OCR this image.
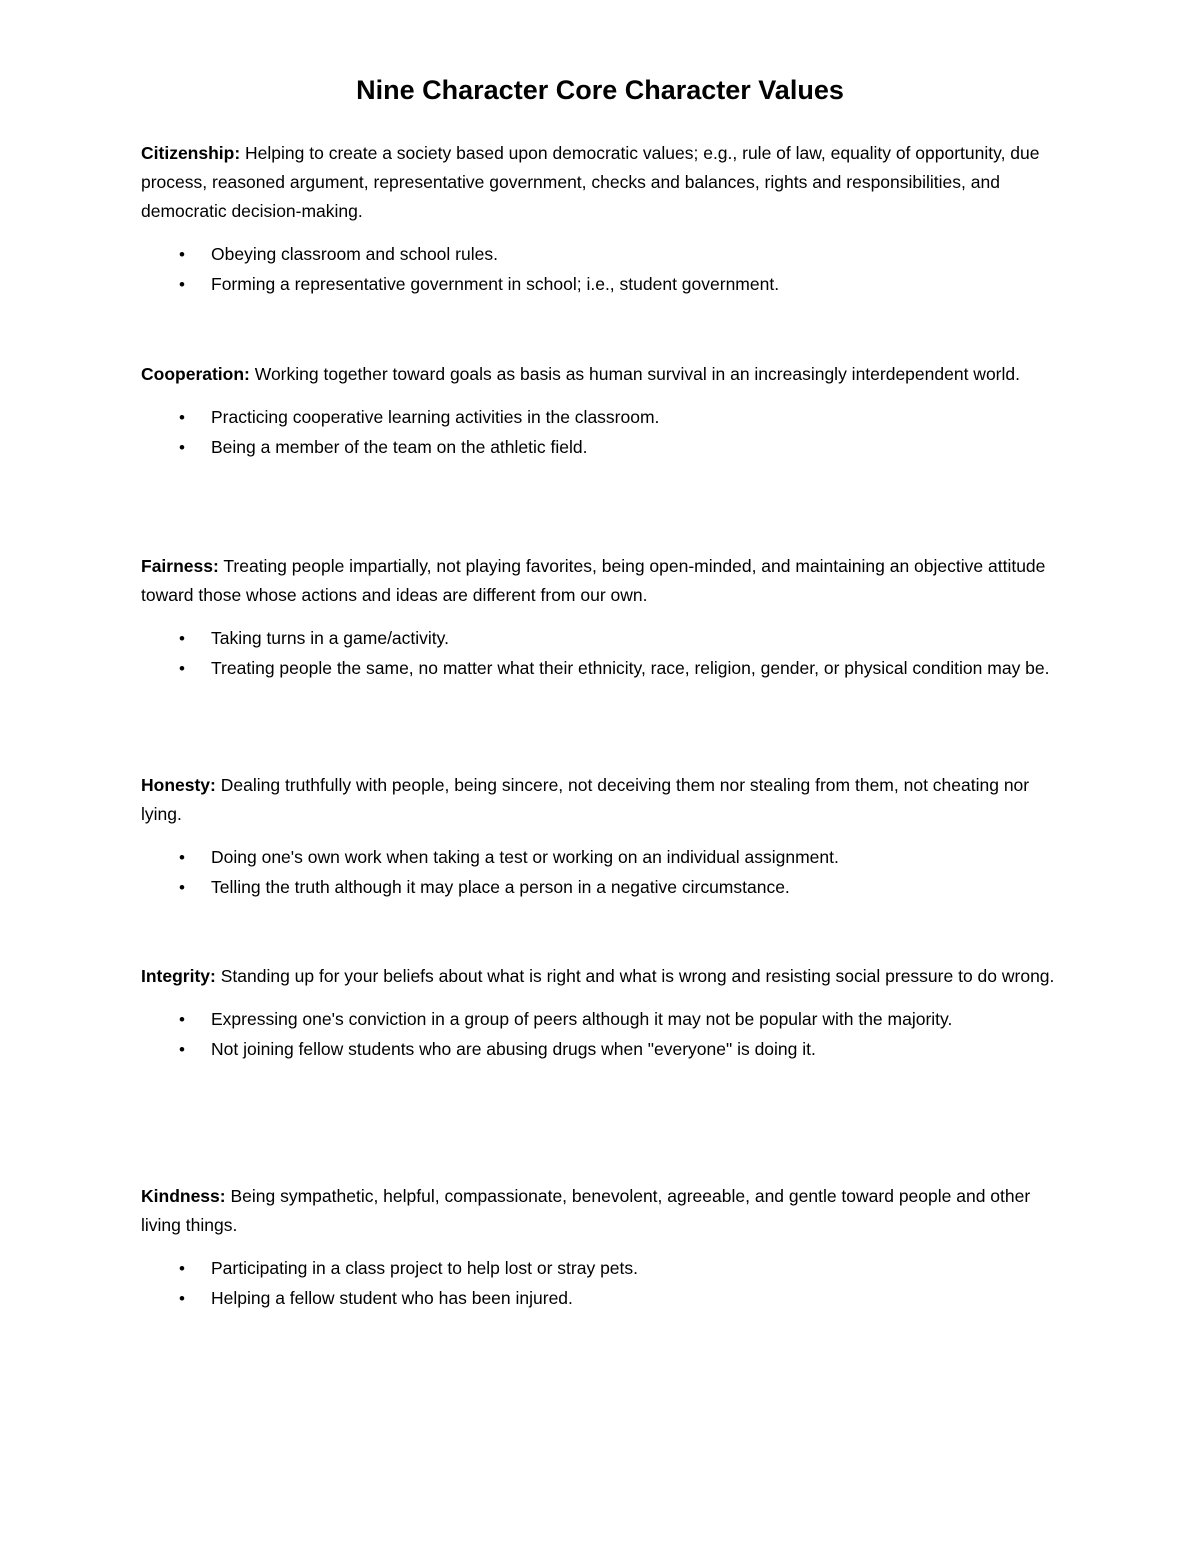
Nine Character Core Character Values

Citizenship: Helping to create a society based upon democratic values; e.g., rule of law, equality of opportunity, due process, reasoned argument, representative government, checks and balances, rights and responsibilities, and democratic decision-making.

• Obeying classroom and school rules.
• Forming a representative government in school; i.e., student government.

Cooperation: Working together toward goals as basis as human survival in an increasingly interdependent world.

• Practicing cooperative learning activities in the classroom.
• Being a member of the team on the athletic field.

Fairness: Treating people impartially, not playing favorites, being open-minded, and maintaining an objective attitude toward those whose actions and ideas are different from our own.

• Taking turns in a game/activity.
• Treating people the same, no matter what their ethnicity, race, religion, gender, or physical condition may be.

Honesty: Dealing truthfully with people, being sincere, not deceiving them nor stealing from them, not cheating nor lying.

• Doing one's own work when taking a test or working on an individual assignment.
• Telling the truth although it may place a person in a negative circumstance.

Integrity: Standing up for your beliefs about what is right and what is wrong and resisting social pressure to do wrong.

• Expressing one's conviction in a group of peers although it may not be popular with the majority.
• Not joining fellow students who are abusing drugs when "everyone" is doing it.

Kindness: Being sympathetic, helpful, compassionate, benevolent, agreeable, and gentle toward people and other living things.

• Participating in a class project to help lost or stray pets.
• Helping a fellow student who has been injured.
